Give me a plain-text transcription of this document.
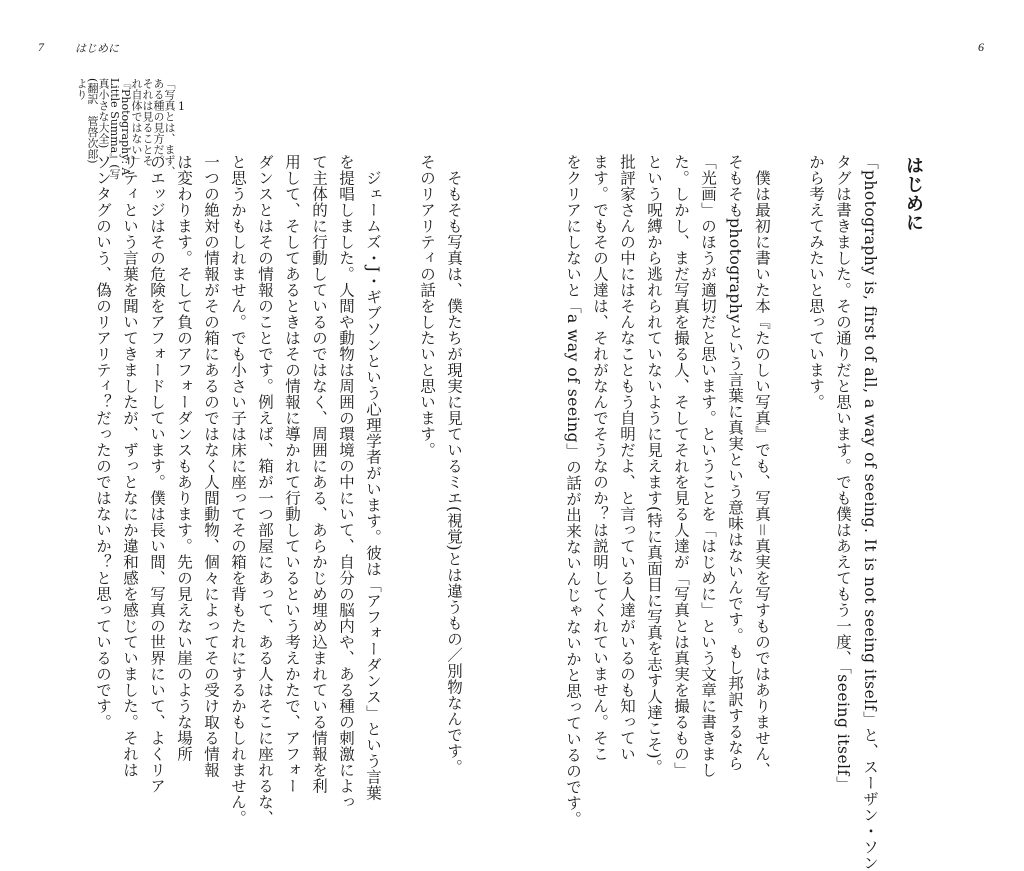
7	はじめに	6
はじめに
「photography is, first of all, a way of seeing. It is not seeing itself」と、スーザン・ソン
タグは書きました。その通りだと思います。でも僕はあえてもう一度、「seeing itself」
から考えてみたいと思っています。
　僕は最初に書いた本『たのしい写真』でも、写真＝真実を写すものではありません、
そもそもphotographyという言葉に真実という意味はないんです。もし邦訳するなら
「光画」のほうが適切だと思います。ということを「はじめに」という文章に書きまし
た。しかし、まだ写真を撮る人、そしてそれを見る人達が「写真とは真実を撮るもの」
という呪縛から逃れられていないように見えます(特に真面目に写真を志す人達こそ)。
批評家さんの中にはそんなこともう自明だよ、と言っている人達がいるのも知ってい
ます。でもその人達は、それがなんでそうなのか？は説明してくれていません。そこ
をクリアにしないと「a way of seeing」の話が出来ないんじゃないかと思っているのです。
　そもそも写真は、僕たちが現実に見ているミエ(視覚)とは違うもの／別物なんです。
そのリアリティの話をしたいと思います。
　ジェームズ・J・ギブソンという心理学者がいます。彼は「アフォーダンス」という言葉
を提唱しました。人間や動物は周囲の環境の中にいて、自分の脳内や、ある種の刺激によっ
て主体的に行動しているのではなく、周囲にある、あらかじめ埋め込まれている情報を利
用して、そしてあるときはその情報に導かれて行動しているという考えかたで、アフォー
ダンスとはその情報のことです。例えば、箱が一つ部屋にあって、ある人はそこに座れるな、
と思うかもしれません。でも小さい子は床に座ってその箱を背もたれにするかもしれません。
一つの絶対の情報がその箱にあるのではなく人間動物、個々によってその受け取る情報
は変わります。そして負のアフォーダンスもあります。先の見えない崖のような場所
のエッジはその危険をアフォードしています。僕は長い間、写真の世界にいて、よくリア
リティという言葉を聞いてきましたが、ずっとなにか違和感を感じていました。それは
ソンタグのいう、偽のリアリティ？だったのではないか？と思っているのです。
1
「写真とは、まず、
ある種の見方だ。
それは見ることそ
れ自体ではない」
『Photography: A
Little Summa』(写
真小さな大全)
(翻訳　管啓次郎)
より
